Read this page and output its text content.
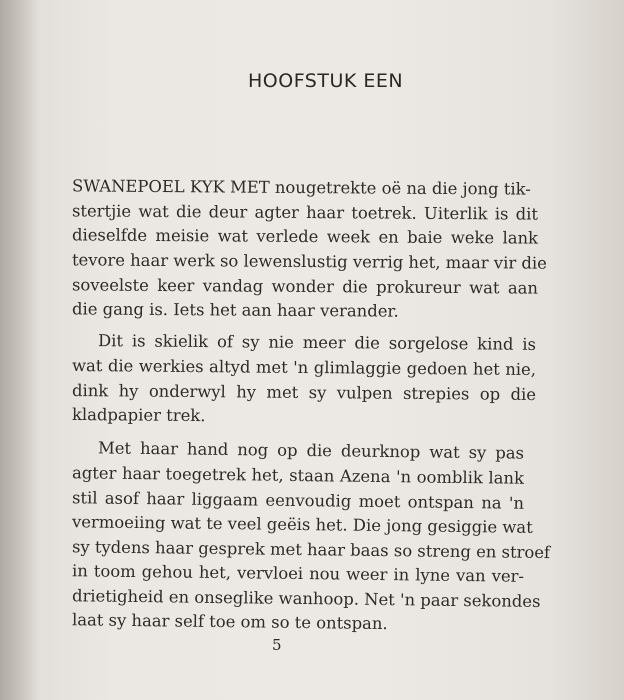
HOOFSTUK EEN
SWANEPOEL KYK MET nougetrekte oë na die jong tik-
stertjie wat die deur agter haar toetrek. Uiterlik is dit
dieselfde meisie wat verlede week en baie weke lank
tevore haar werk so lewenslustig verrig het, maar vir die
soveelste keer vandag wonder die prokureur wat aan
die gang is. Iets het aan haar verander.
Dit is skielik of sy nie meer die sorgelose kind is
wat die werkies altyd met 'n glimlaggie gedoen het nie,
dink hy onderwyl hy met sy vulpen strepies op die
kladpapier trek.
Met haar hand nog op die deurknop wat sy pas
agter haar toegetrek het, staan Azena 'n oomblik lank
stil asof haar liggaam eenvoudig moet ontspan na 'n
vermoeiing wat te veel geëis het. Die jong gesiggie wat
sy tydens haar gesprek met haar baas so streng en stroef
in toom gehou het, vervloei nou weer in lyne van ver-
drietigheid en onseglike wanhoop. Net 'n paar sekondes
laat sy haar self toe om so te ontspan.
5
